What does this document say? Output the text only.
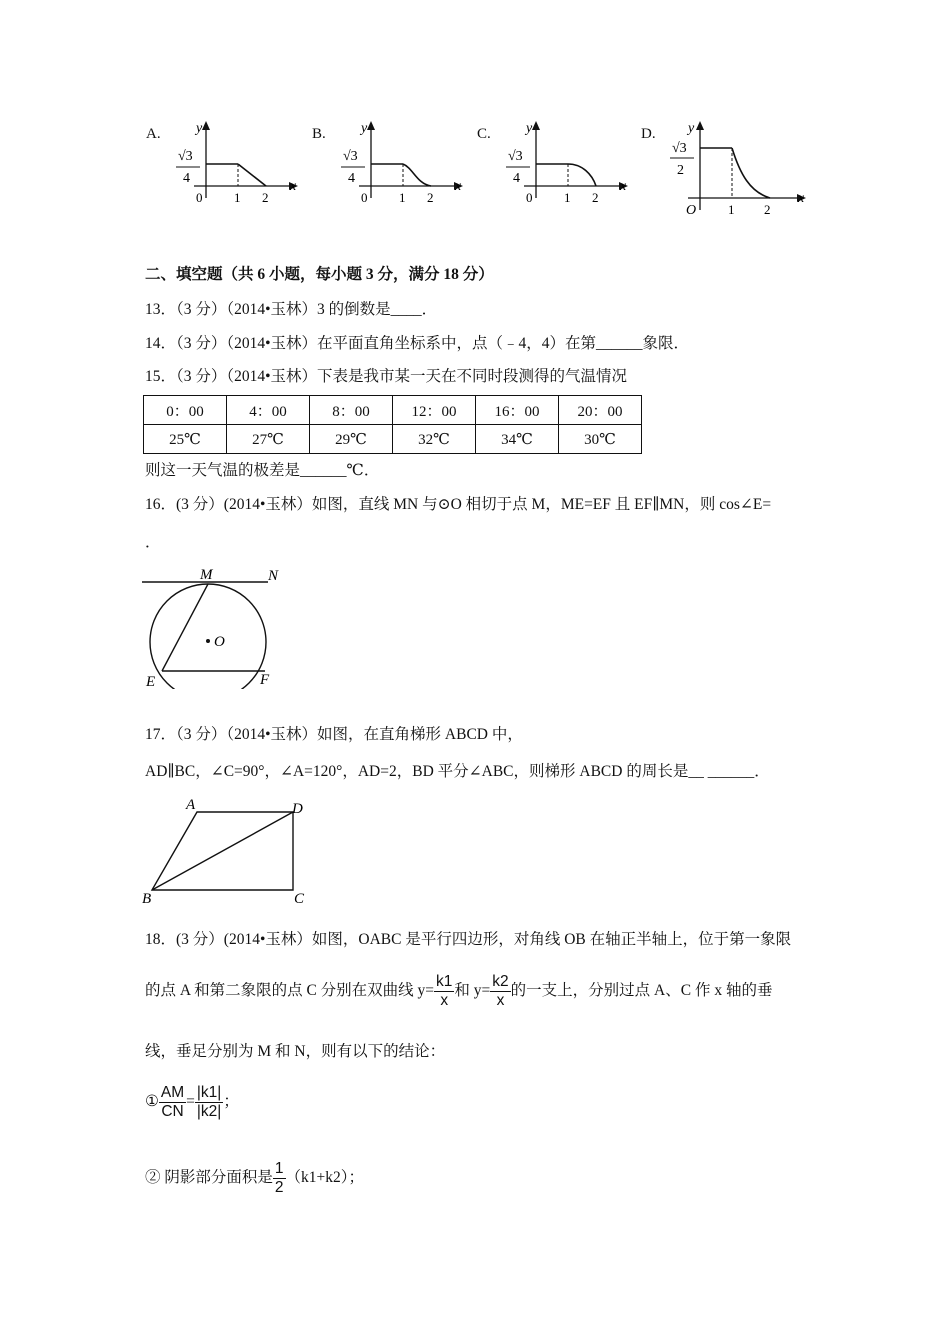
A.
√3
4
0 1 2
x
y	B.
√3
4
0 1 2
x
y	C.
√3
4
0 1 2
x
y	D.
√3
2
O 1 2
x
y
二、填空题（共 6 小题，每小题 3 分，满分 18 分）
13．（3 分）（2014•玉林）3 的倒数是____．
14．（3 分）（2014•玉林）在平面直角坐标系中，点（﹣4，4）在第______象限．
15．（3 分）（2014•玉林）下表是我市某一天在不同时段测得的气温情况
0：00	4：00	8：00	12：00	16：00	20：00
25℃	27℃	29℃	32℃	34℃	30℃
则这一天气温的极差是______℃．
16．(3 分）(2014•玉林）如图，直线 MN 与⊙O 相切于点 M，ME=EF 且 EF∥MN，则 cos∠E=
．
M	N
O
E	F
17．（3 分）（2014•玉林）如图，在直角梯形 ABCD 中，
AD∥BC，∠C=90°，∠A=120°，AD=2，BD 平分∠ABC，则梯形 ABCD 的周长是__ ______．
A	D
B	C
18．(3 分）(2014•玉林）如图，OABC 是平行四边形，对角线 OB 在轴正半轴上，位于第一象限
的点 A 和第二象限的点 C 分别在双曲线 $y= \frac{k1}{x}$ 和 $y= \frac{k2}{x}$ 的一支上，分别过点 A、C 作 x 轴的垂
线，垂足分别为 M 和 N，则有以下的结论：
① $\frac{AM}{CN} = \frac{|k1|}{|k2|}$ ；
② 阴影部分面积是 $\frac{1}{2} (k1+k2)$；
